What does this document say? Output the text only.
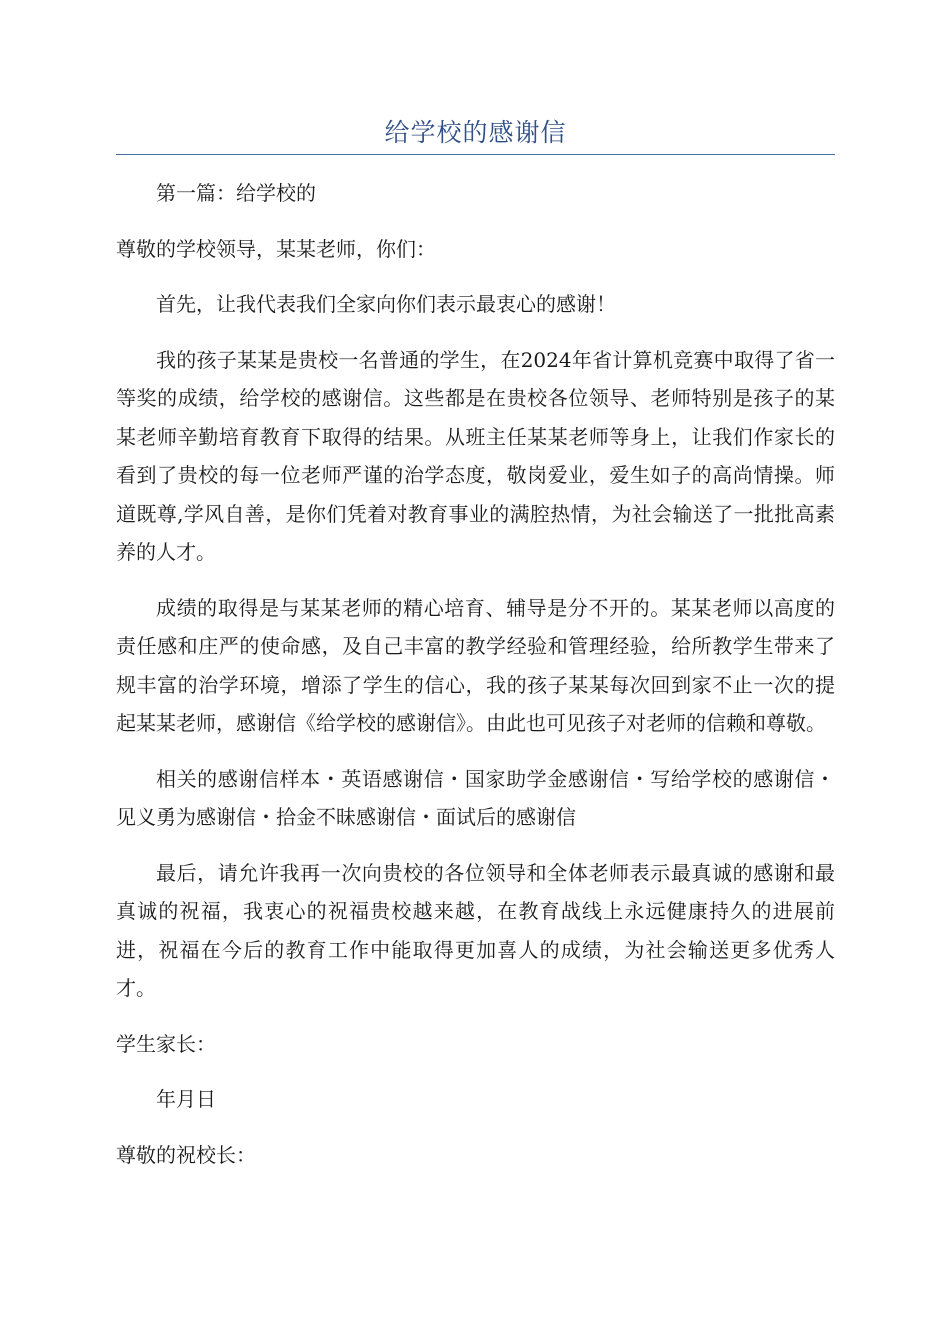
给学校的感谢信

第一篇：给学校的

尊敬的学校领导，某某老师，你们：

首先，让我代表我们全家向你们表示最衷心的感谢！

我的孩子某某是贵校一名普通的学生，在2024年省计算机竞赛中取得了省一等奖的成绩，给学校的感谢信。这些都是在贵校各位领导、老师特别是孩子的某某老师辛勤培育教育下取得的结果。从班主任某某老师等身上，让我们作家长的看到了贵校的每一位老师严谨的治学态度，敬岗爱业，爱生如子的高尚情操。师道既尊,学风自善，是你们凭着对教育事业的满腔热情，为社会输送了一批批高素养的人才。

成绩的取得是与某某老师的精心培育、辅导是分不开的。某某老师以高度的责任感和庄严的使命感，及自己丰富的教学经验和管理经验，给所教学生带来了规丰富的治学环境，增添了学生的信心，我的孩子某某每次回到家不止一次的提起某某老师，感谢信《给学校的感谢信》。由此也可见孩子对老师的信赖和尊敬。

相关的感谢信样本・英语感谢信・国家助学金感谢信・写给学校的感谢信・见义勇为感谢信・拾金不昧感谢信・面试后的感谢信

最后，请允许我再一次向贵校的各位领导和全体老师表示最真诚的感谢和最真诚的祝福，我衷心的祝福贵校越来越，在教育战线上永远健康持久的进展前进，祝福在今后的教育工作中能取得更加喜人的成绩，为社会输送更多优秀人才。

学生家长：

年月日

尊敬的祝校长：
